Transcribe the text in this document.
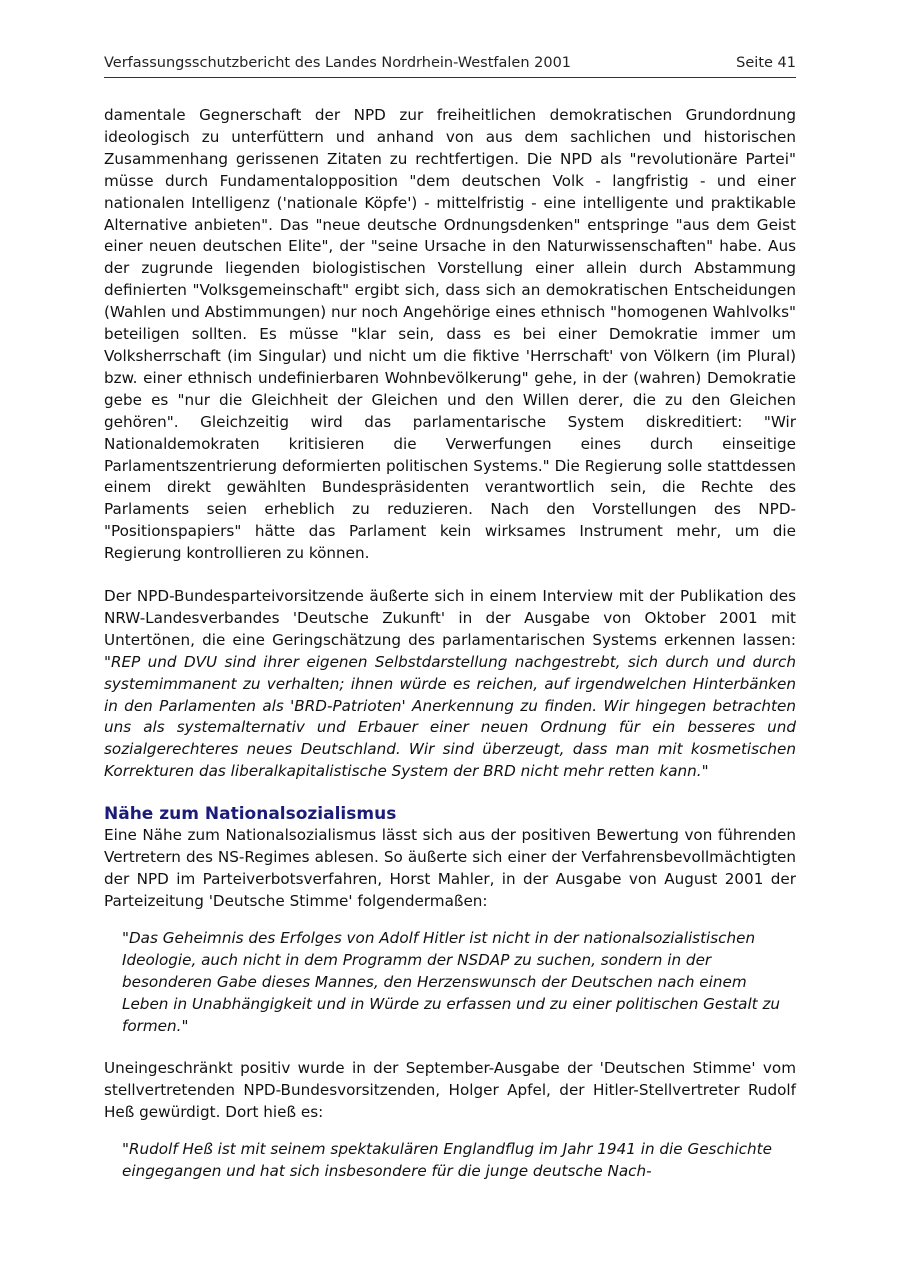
Verfassungsschutzbericht des Landes Nordrhein-Westfalen 2001	Seite 41

damentale Gegnerschaft der NPD zur freiheitlichen demokratischen Grundordnung ideologisch zu unterfüttern und anhand von aus dem sachlichen und historischen Zusammenhang gerissenen Zitaten zu rechtfertigen. Die NPD als "revolutionäre Partei" müsse durch Fundamentalopposition "dem deutschen Volk - langfristig - und einer nationalen Intelligenz ('nationale Köpfe') - mittelfristig - eine intelligente und praktikable Alternative anbieten". Das "neue deutsche Ordnungsdenken" entspringe "aus dem Geist einer neuen deutschen Elite", der "seine Ursache in den Naturwissenschaften" habe. Aus der zugrunde liegenden biologistischen Vorstellung einer allein durch Abstammung definierten "Volksgemeinschaft" ergibt sich, dass sich an demokratischen Entscheidungen (Wahlen und Abstimmungen) nur noch Angehörige eines ethnisch "homogenen Wahlvolks" beteiligen sollten. Es müsse "klar sein, dass es bei einer Demokratie immer um Volksherrschaft (im Singular) und nicht um die fiktive 'Herrschaft' von Völkern (im Plural) bzw. einer ethnisch undefinierbaren Wohnbevölkerung" gehe, in der (wahren) Demokratie gebe es "nur die Gleichheit der Gleichen und den Willen derer, die zu den Gleichen gehören". Gleichzeitig wird das parlamentarische System diskreditiert: "Wir Nationaldemokraten kritisieren die Verwerfungen eines durch einseitige Parlamentszentrierung deformierten politischen Systems." Die Regierung solle stattdessen einem direkt gewählten Bundespräsidenten verantwortlich sein, die Rechte des Parlaments seien erheblich zu reduzieren. Nach den Vorstellungen des NPD-"Positionspapiers" hätte das Parlament kein wirksames Instrument mehr, um die Regierung kontrollieren zu können.

Der NPD-Bundesparteivorsitzende äußerte sich in einem Interview mit der Publikation des NRW-Landesverbandes 'Deutsche Zukunft' in der Ausgabe von Oktober 2001 mit Untertönen, die eine Geringschätzung des parlamentarischen Systems erkennen lassen: "REP und DVU sind ihrer eigenen Selbstdarstellung nachgestrebt, sich durch und durch systemimmanent zu verhalten; ihnen würde es reichen, auf irgendwelchen Hinterbänken in den Parlamenten als 'BRD-Patrioten' Anerkennung zu finden. Wir hingegen betrachten uns als systemalternativ und Erbauer einer neuen Ordnung für ein besseres und sozialgerechteres neues Deutschland. Wir sind überzeugt, dass man mit kosmetischen Korrekturen das liberalkapitalistische System der BRD nicht mehr retten kann."

Nähe zum Nationalsozialismus

Eine Nähe zum Nationalsozialismus lässt sich aus der positiven Bewertung von führenden Vertretern des NS-Regimes ablesen. So äußerte sich einer der Verfahrensbevollmächtigten der NPD im Parteiverbotsverfahren, Horst Mahler, in der Ausgabe von August 2001 der Parteizeitung 'Deutsche Stimme' folgendermaßen:

"Das Geheimnis des Erfolges von Adolf Hitler ist nicht in der nationalsozialistischen Ideologie, auch nicht in dem Programm der NSDAP zu suchen, sondern in der besonderen Gabe dieses Mannes, den Herzenswunsch der Deutschen nach einem Leben in Unabhängigkeit und in Würde zu erfassen und zu einer politischen Gestalt zu formen."

Uneingeschränkt positiv wurde in der September-Ausgabe der 'Deutschen Stimme' vom stellvertretenden NPD-Bundesvorsitzenden, Holger Apfel, der Hitler-Stellvertreter Rudolf Heß gewürdigt. Dort hieß es:

"Rudolf Heß ist mit seinem spektakulären Englandflug im Jahr 1941 in die Geschichte eingegangen und hat sich insbesondere für die junge deutsche Nach-
